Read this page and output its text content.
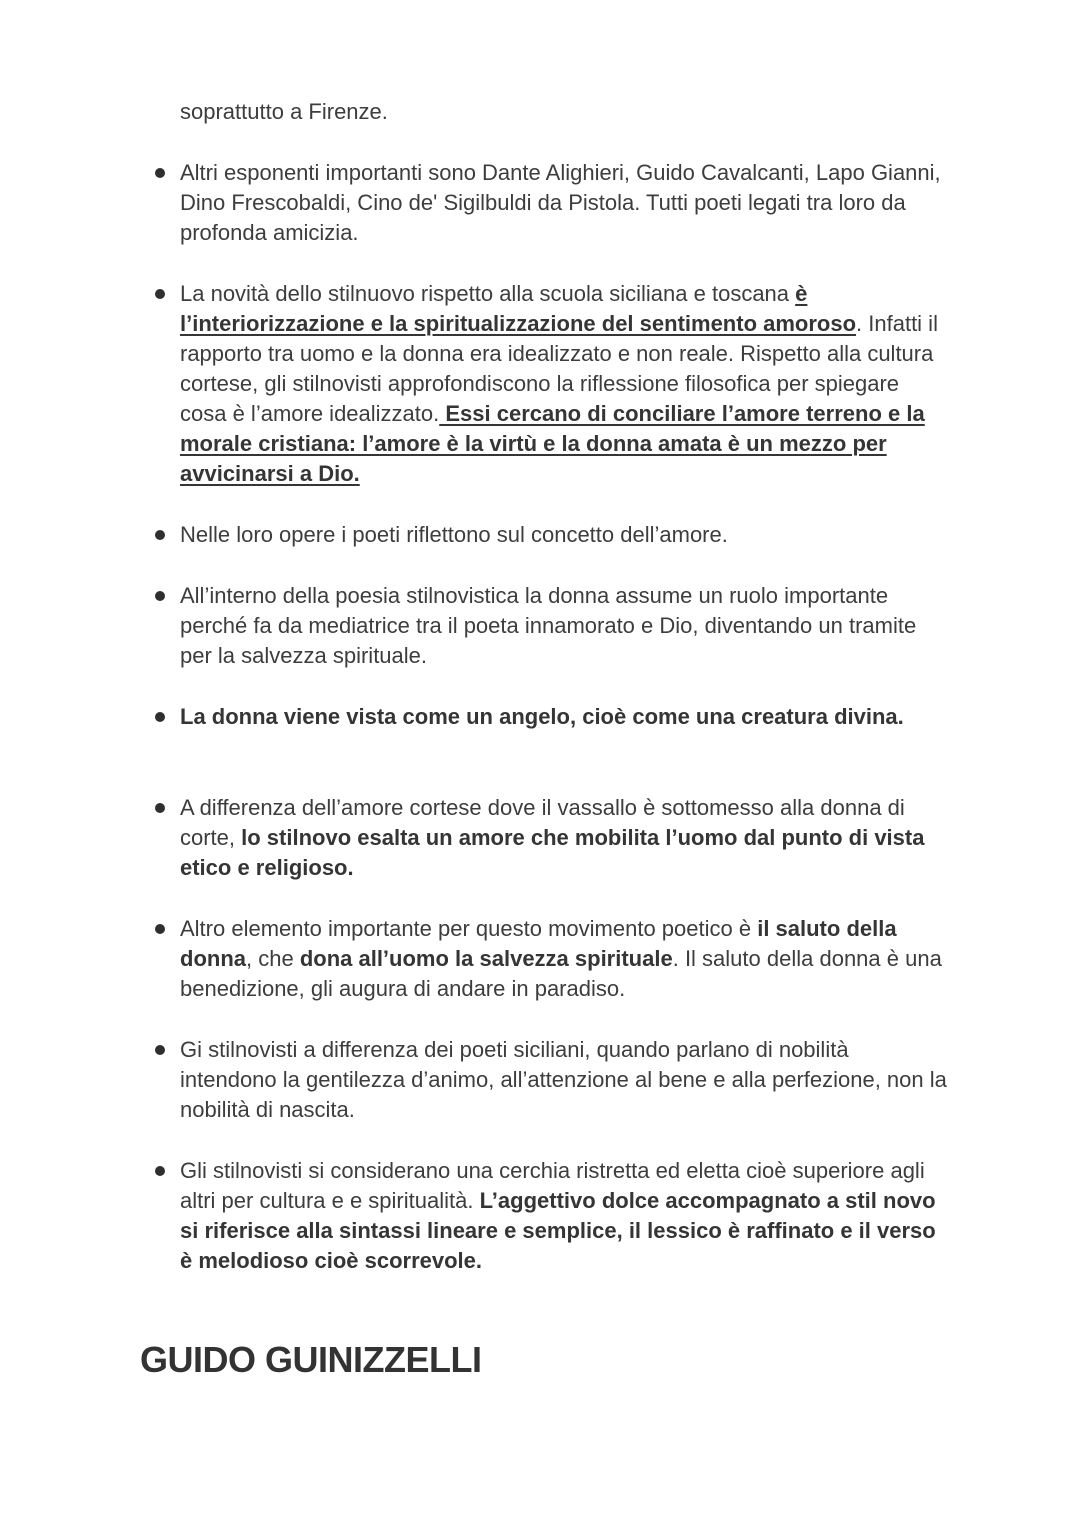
soprattutto a Firenze.

Altri esponenti importanti sono Dante Alighieri, Guido Cavalcanti, Lapo Gianni, Dino Frescobaldi, Cino de' Sigilbuldi da Pistola. Tutti poeti legati tra loro da profonda amicizia.
La novità dello stilnuovo rispetto alla scuola siciliana e toscana è l’interiorizzazione e la spiritualizzazione del sentimento amoroso. Infatti il rapporto tra uomo e la donna era idealizzato e non reale. Rispetto alla cultura cortese, gli stilnovisti approfondiscono la riflessione filosofica per spiegare cosa è l’amore idealizzato. Essi cercano di conciliare l’amore terreno e la morale cristiana: l’amore è la virtù e la donna amata è un mezzo per avvicinarsi a Dio.
Nelle loro opere i poeti riflettono sul concetto dell’amore.
All’interno della poesia stilnovistica la donna assume un ruolo importante perché fa da mediatrice tra il poeta innamorato e Dio, diventando un tramite per la salvezza spirituale.
La donna viene vista come un angelo, cioè come una creatura divina.
A differenza dell’amore cortese dove il vassallo è sottomesso alla donna di corte, lo stilnovo esalta un amore che mobilita l’uomo dal punto di vista etico e religioso.
Altro elemento importante per questo movimento poetico è il saluto della donna, che dona all’uomo la salvezza spirituale. Il saluto della donna è una benedizione, gli augura di andare in paradiso.
Gi stilnovisti a differenza dei poeti siciliani, quando parlano di nobilità intendono la gentilezza d’animo, all’attenzione al bene e alla perfezione, non la nobilità di nascita.
Gli stilnovisti si considerano una cerchia ristretta ed eletta cioè superiore agli altri per cultura e e spiritualità. L’aggettivo dolce accompagnato a stil novo si riferisce alla sintassi lineare e semplice, il lessico è raffinato e il verso è melodioso cioè scorrevole.
GUIDO GUINIZZELLI
